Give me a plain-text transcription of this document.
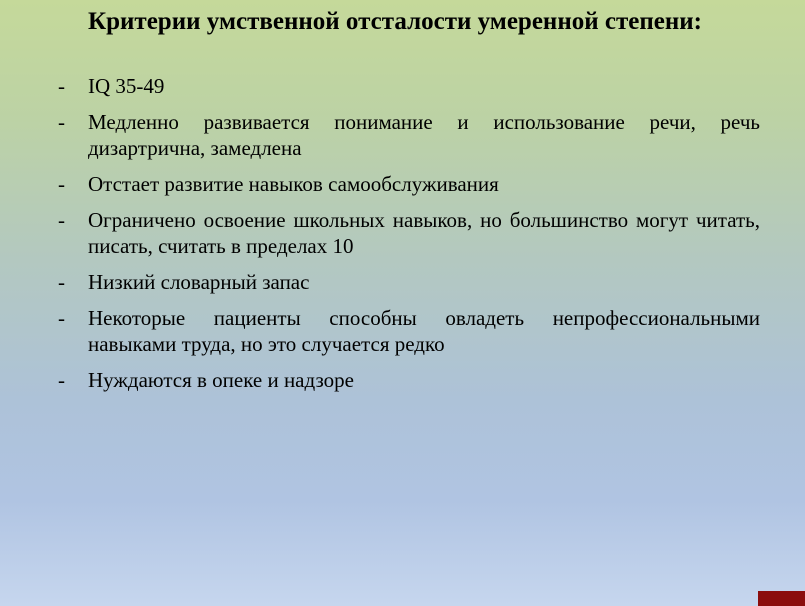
Критерии умственной отсталости умеренной степени:
-	IQ 35-49
-	Медленно развивается понимание и использование речи, речь дизартрична, замедлена
-	Отстает развитие навыков самообслуживания
-	Ограничено освоение школьных навыков, но большинство могут читать, писать, считать в пределах 10
-	Низкий словарный запас
-	Некоторые пациенты способны овладеть непрофессиональными навыками труда, но это случается редко
-	Нуждаются в опеке и надзоре
